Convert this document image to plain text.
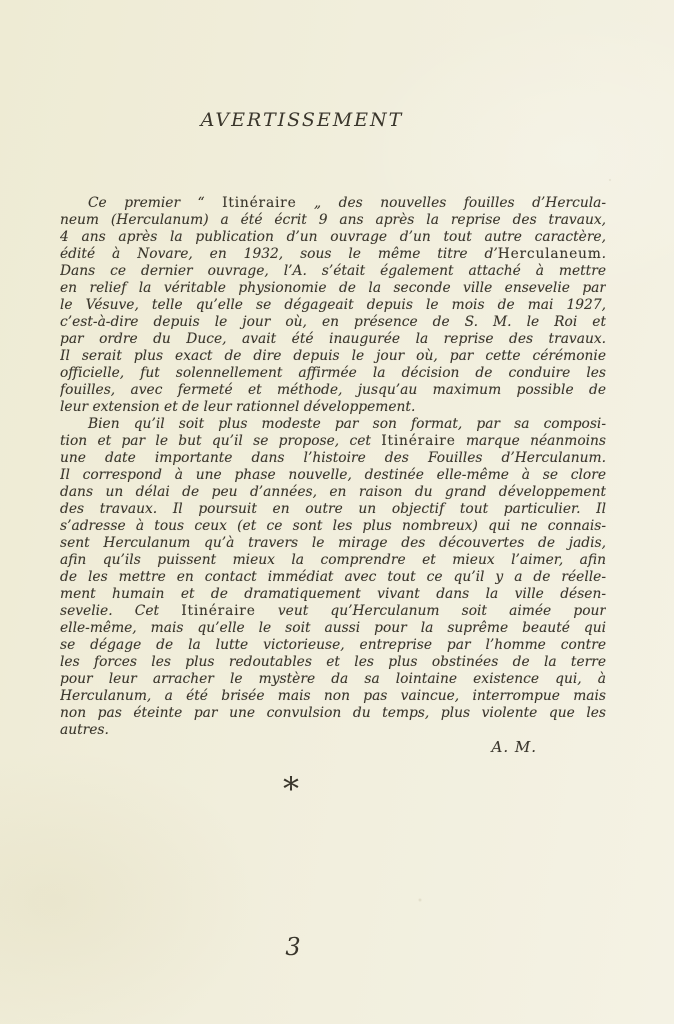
AVERTISSEMENT
Ce premier “ Itinéraire „ des nouvelles fouilles d’Hercula-
neum (Herculanum) a été écrit 9 ans après la reprise des travaux,
4 ans après la publication d’un ouvrage d’un tout autre caractère,
édité à Novare, en 1932, sous le même titre d’Herculaneum.
Dans ce dernier ouvrage, l’A. s’était également attaché à mettre
en relief la véritable physionomie de la seconde ville ensevelie par
le Vésuve, telle qu’elle se dégageait depuis le mois de mai 1927,
c’est-à-dire depuis le jour où, en présence de S. M. le Roi et
par ordre du Duce, avait été inaugurée la reprise des travaux.
Il serait plus exact de dire depuis le jour où, par cette cérémonie
officielle, fut solennellement affirmée la décision de conduire les
fouilles, avec fermeté et méthode, jusqu’au maximum possible de
leur extension et de leur rationnel développement.
Bien qu’il soit plus modeste par son format, par sa composi-
tion et par le but qu’il se propose, cet Itinéraire marque néanmoins
une date importante dans l’histoire des Fouilles d’Herculanum.
Il correspond à une phase nouvelle, destinée elle-même à se clore
dans un délai de peu d’années, en raison du grand développement
des travaux. Il poursuit en outre un objectif tout particulier. Il
s’adresse à tous ceux (et ce sont les plus nombreux) qui ne connais-
sent Herculanum qu’à travers le mirage des découvertes de jadis,
afin qu’ils puissent mieux la comprendre et mieux l’aimer, afin
de les mettre en contact immédiat avec tout ce qu’il y a de réelle-
ment humain et de dramatiquement vivant dans la ville désen-
sevelie. Cet Itinéraire veut qu’Herculanum soit aimée pour
elle-même, mais qu’elle le soit aussi pour la suprême beauté qui
se dégage de la lutte victorieuse, entreprise par l’homme contre
les forces les plus redoutables et les plus obstinées de la terre
pour leur arracher le mystère da sa lointaine existence qui, à
Herculanum, a été brisée mais non pas vaincue, interrompue mais
non pas éteinte par une convulsion du temps, plus violente que les
autres.
A. M.
*
3
